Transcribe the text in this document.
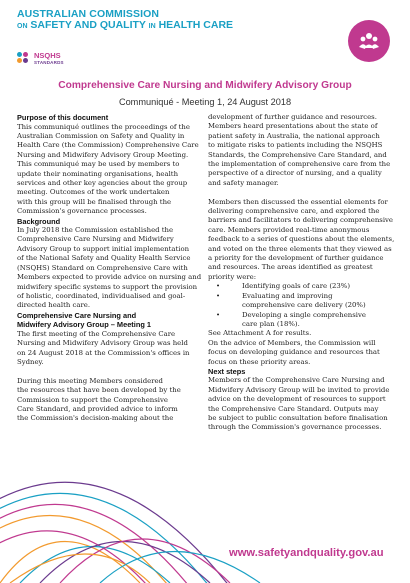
AUSTRALIAN COMMISSION
ON SAFETY AND QUALITY IN HEALTH CARE
NSQHS
STANDARDS
Comprehensive Care Nursing and Midwifery Advisory Group
Communiqué - Meeting 1, 24 August 2018
Purpose of this document
This communiqué outlines the proceedings of the
Australian Commission on Safety and Quality in
Health Care (the Commission) Comprehensive Care
Nursing and Midwifery Advisory Group Meeting.
This communiqué may be used by members to
update their nominating organisations, health
services and other key agencies about the group
meeting. Outcomes of the work undertaken
with this group will be finalised through the
Commission's governance processes.
Background
In July 2018 the Commission established the
Comprehensive Care Nursing and Midwifery
Advisory Group to support initial implementation
of the National Safety and Quality Health Service
(NSQHS) Standard on Comprehensive Care with
Members expected to provide advice on nursing and
midwifery specific systems to support the provision
of holistic, coordinated, individualised and goal-
directed health care.
Comprehensive Care Nursing and
Midwifery Advisory Group – Meeting 1
The first meeting of the Comprehensive Care
Nursing and Midwifery Advisory Group was held
on 24 August 2018 at the Commission's offices in
Sydney.
During this meeting Members considered
the resources that have been developed by the
Commission to support the Comprehensive
Care Standard, and provided advice to inform
the Commission's decision-making about the
development of further guidance and resources.
Members heard presentations about the state of
patient safety in Australia, the national approach
to mitigate risks to patients including the NSQHS
Standards, the Comprehensive Care Standard, and
the implementation of comprehensive care from the
perspective of a director of nursing, and a quality
and safety manager.
Members then discussed the essential elements for
delivering comprehensive care, and explored the
barriers and facilitators to delivering comprehensive
care. Members provided real-time anonymous
feedback to a series of questions about the elements,
and voted on the three elements that they viewed as
a priority for the development of further guidance
and resources. The areas identified as greatest
priority were:
•	Identifying goals of care (23%)
•	Evaluating and improving
comprehensive care delivery (20%)
•	Developing a single comprehensive
care plan (18%).
See Attachment A for results.
On the advice of Members, the Commission will
focus on developing guidance and resources that
focus on these priority areas.
Next steps
Members of the Comprehensive Care Nursing and
Midwifery Advisory Group will be invited to provide
advice on the development of resources to support
the Comprehensive Care Standard. Outputs may
be subject to public consultation before finalisation
through the Commission's governance processes.
www.safetyandquality.gov.au
